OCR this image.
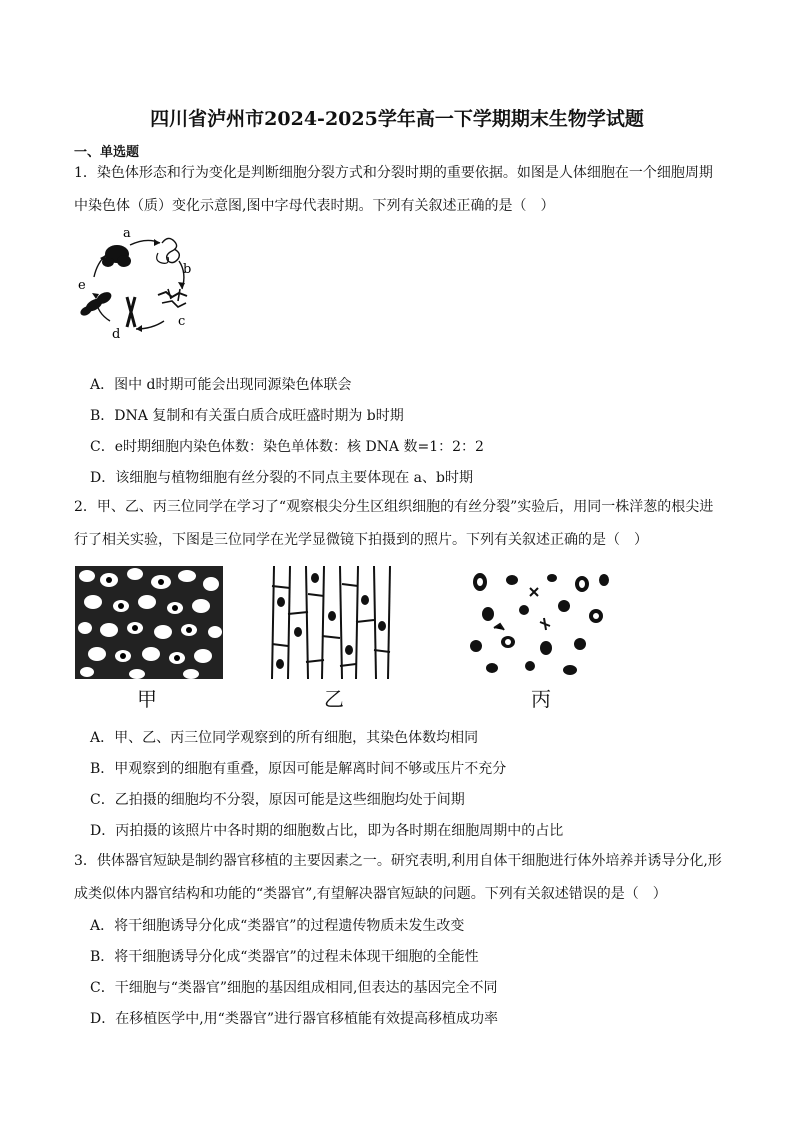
四川省泸州市2024-2025学年高一下学期期末生物学试题
一、单选题
1．染色体形态和行为变化是判断细胞分裂方式和分裂时期的重要依据。如图是人体细胞在一个细胞周期中染色体（质）变化示意图,图中字母代表时期。下列有关叙述正确的是（　）
a
b
c
d
e
A．图中 d时期可能会出现同源染色体联会
B．DNA 复制和有关蛋白质合成旺盛时期为 b时期
C．e时期细胞内染色体数：染色单体数：核 DNA 数=1：2：2
D．该细胞与植物细胞有丝分裂的不同点主要体现在 a、b时期
2．甲、乙、丙三位同学在学习了“观察根尖分生区组织细胞的有丝分裂”实验后，用同一株洋葱的根尖进行了相关实验，下图是三位同学在光学显微镜下拍摄到的照片。下列有关叙述正确的是（　）
甲	乙	丙
A．甲、乙、丙三位同学观察到的所有细胞，其染色体数均相同
B．甲观察到的细胞有重叠，原因可能是解离时间不够或压片不充分
C．乙拍摄的细胞均不分裂，原因可能是这些细胞均处于间期
D．丙拍摄的该照片中各时期的细胞数占比，即为各时期在细胞周期中的占比
3．供体器官短缺是制约器官移植的主要因素之一。研究表明,利用自体干细胞进行体外培养并诱导分化,形成类似体内器官结构和功能的“类器官”,有望解决器官短缺的问题。下列有关叙述错误的是（　）
A．将干细胞诱导分化成“类器官”的过程遗传物质未发生改变
B．将干细胞诱导分化成“类器官”的过程未体现干细胞的全能性
C．干细胞与“类器官”细胞的基因组成相同,但表达的基因完全不同
D．在移植医学中,用“类器官”进行器官移植能有效提高移植成功率
